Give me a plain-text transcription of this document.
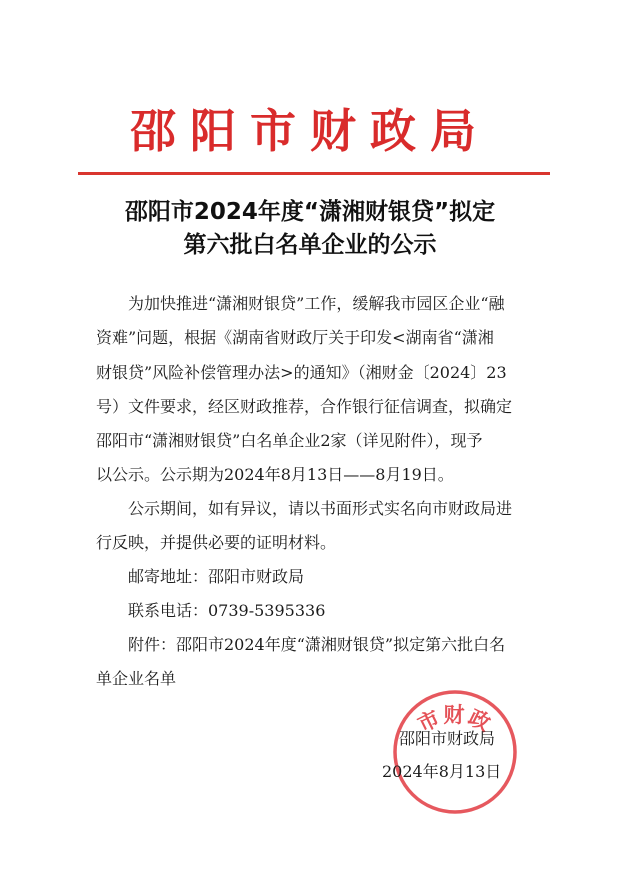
邵阳市财政局
邵阳市2024年度“潇湘财银贷”拟定
第六批白名单企业的公示
为加快推进“潇湘财银贷”工作，缓解我市园区企业“融
资难”问题，根据《湖南省财政厅关于印发<湖南省“潇湘
财银贷”风险补偿管理办法>的通知》（湘财金〔2024〕23
号）文件要求，经区财政推荐，合作银行征信调查，拟确定
邵阳市“潇湘财银贷”白名单企业2家（详见附件），现予
以公示。公示期为2024年8月13日——8月19日。
公示期间，如有异议，请以书面形式实名向市财政局进
行反映，并提供必要的证明材料。
邮寄地址：邵阳市财政局
联系电话：0739-5395336
附件：邵阳市2024年度“潇湘财银贷”拟定第六批白名
单企业名单
市财政
邵阳市财政局
2024年8月13日
